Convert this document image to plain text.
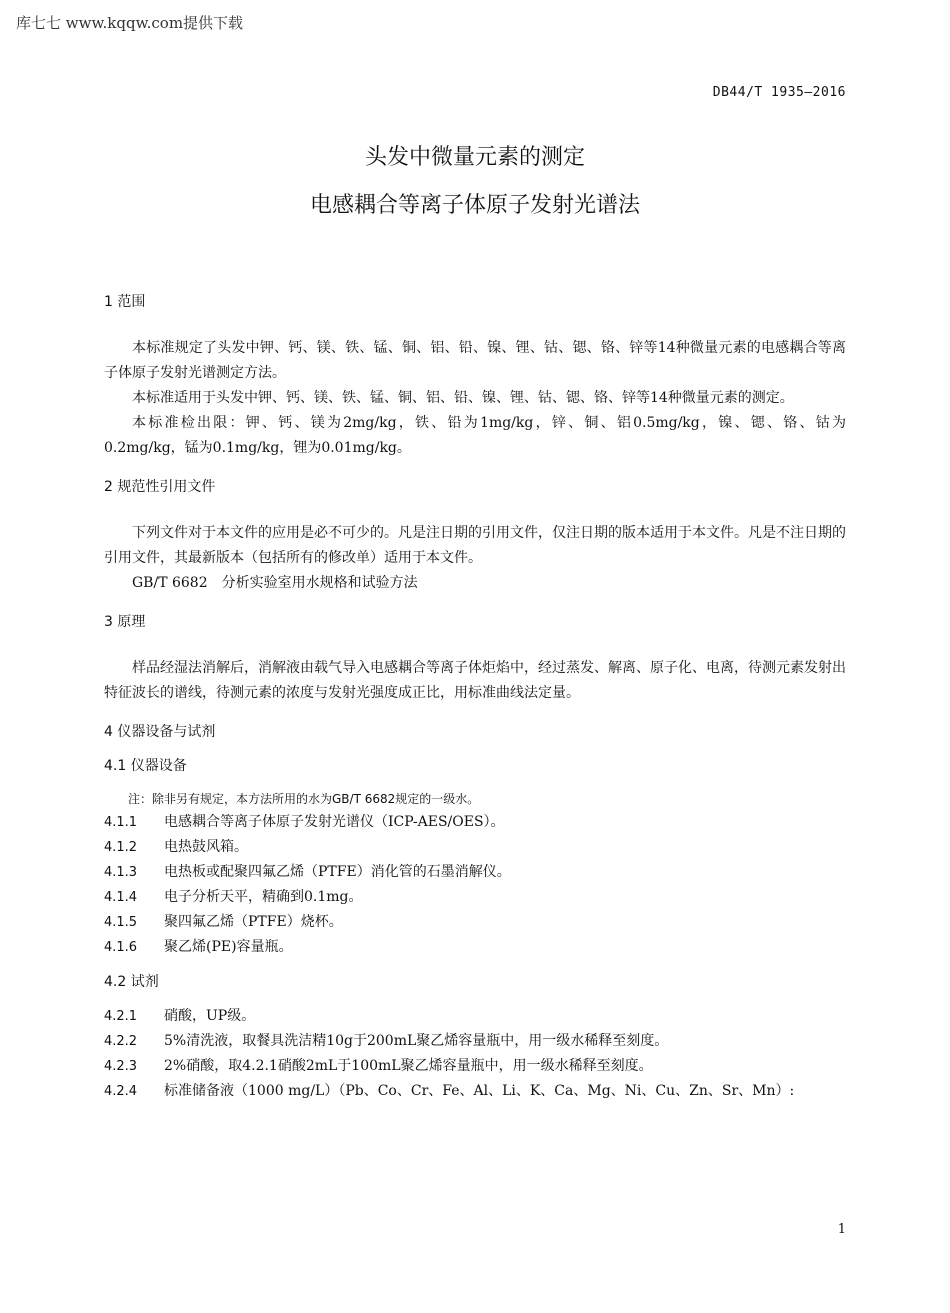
库七七 www.kqqw.com提供下载
DB44/T 1935—2016
头发中微量元素的测定
电感耦合等离子体原子发射光谱法
1 范围

本标准规定了头发中钾、钙、镁、铁、锰、铜、铝、铅、镍、锂、钴、锶、铬、锌等14种微量元素的电感耦合等离子体原子发射光谱测定方法。

本标准适用于头发中钾、钙、镁、铁、锰、铜、铝、铅、镍、锂、钴、锶、铬、锌等14种微量元素的测定。

本标准检出限：钾、钙、镁为2mg/kg，铁、铅为1mg/kg，锌、铜、铝0.5mg/kg，镍、锶、铬、钴为0.2mg/kg，锰为0.1mg/kg，锂为0.01mg/kg。

2 规范性引用文件

下列文件对于本文件的应用是必不可少的。凡是注日期的引用文件，仅注日期的版本适用于本文件。凡是不注日期的引用文件，其最新版本（包括所有的修改单）适用于本文件。

GB/T 6682　分析实验室用水规格和试验方法

3 原理

样品经湿法消解后，消解液由载气导入电感耦合等离子体炬焰中，经过蒸发、解离、原子化、电离，待测元素发射出特征波长的谱线，待测元素的浓度与发射光强度成正比，用标准曲线法定量。

4 仪器设备与试剂
4.1 仪器设备

注：除非另有规定，本方法所用的水为GB/T 6682规定的一级水。

4.1.1	电感耦合等离子体原子发射光谱仪（ICP-AES/OES）。
4.1.2	电热鼓风箱。
4.1.3	电热板或配聚四氟乙烯（PTFE）消化管的石墨消解仪。
4.1.4	电子分析天平，精确到0.1mg。
4.1.5	聚四氟乙烯（PTFE）烧杯。
4.1.6	聚乙烯(PE)容量瓶。
4.2 试剂
4.2.1	硝酸，UP级。
4.2.2	5%清洗液，取餐具洗洁精10g于200mL聚乙烯容量瓶中，用一级水稀释至刻度。
4.2.3	2%硝酸，取4.2.1硝酸2mL于100mL聚乙烯容量瓶中，用一级水稀释至刻度。
4.2.4	标准储备液（1000 mg/L）（Pb、Co、Cr、Fe、Al、Li、K、Ca、Mg、Ni、Cu、Zn、Sr、Mn）:
1
